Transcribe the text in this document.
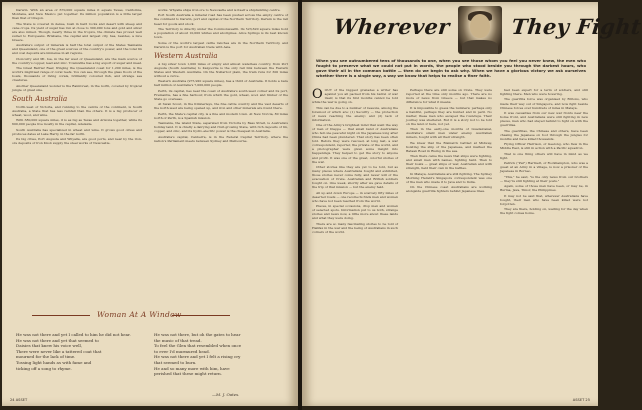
Darwin. With an area of 670,000 square miles it equals Texas, California, Montana, and New Mexico put together. Its million population is a little larger than that of Oregon.

The State is covered in dense, bush in hard rocks and desert with sheep and cane crops. Its yield of sugar has run at close to 300,000 tons and gold and silver are also mined. Though, nearly three in the tropics, the climate has proved well suited to Europeans. Brisbane, the capital and largest city, has, besides, a nice breeze.

Australia's output of minerals is half the total output of the States Tasmania and Queensland, one of the great sources of the country's power, and the total tin and coal deposits are immense in all regions.

Cloncurry and Mt. Isa, in the far west of Queensland, are the main source of the country's copper, lead and zinc. Townsville has a big export of sugar and meat.

The Great Barrier Reef, fringing the Queensland coast for 1,200 miles, is the world's mightiest range of coral reefs. You can see, through the glass floors of the boats, thousands of living corals, brilliantly coloured fish, and strange sea creatures.

Another Queensland wonder is the Rainforest, in the north, covered by tropical jungle of great size.

South Australia

North-west of Victoria, and running to the centre of the continent, is South Australia, a State that has less rainfall than the others. It is a big producer of wheat, wool, and wine.

With 380,000 square miles, it is as big as Texas and Arizona together, while its 600,000 people live mostly in the capital, Adelaide.

South Australia has specialized in wheat and wine. It grows good olives and produces dates at Lake Harry, in the far north.

Its big cities, Port Augusta and Whyalla, are good ports, and near by the iron-ore deposits of Iron Knob supply the steel works of Newcastle.

works. Whyalla ships iron ore to Newcastle and is itself a shipbuilding centre.

Port South Australia a mineral road has been pushed across the empty centre of the continent to Darwin, port and capital of the Northern Territory. Darwin is the rail head for goods and stock.

The Territory is directly under the Commonwealth. Its 523,620 square miles hold a population of about 10,000 whites and aborigines. Alice Springs is its best known town.

Some of the world's largest cattle ranches are in the Northern Territory, and Darwin is the port for Australian trade with Asia.

Western Australia

A big silver town 1,000 miles of empty and almost waterless country, from Port Augusta (South Australia) to Kalgoorlie is the only rail link between the Eastern States and Western Australia. On the Nullarbor plain, the train runs for 300 miles without a curve.

Western Australia (975,920 square miles), has a third of Australia. It holds a bare half million of Australia's 7,000,000 people.

Perth, its capital, lies near the coast of Australia's south-west corner and its port, Fremantle, has a fine harbour, from which the gold, wheat, wool and timber of the State go overseas.

At Swan Scout, in the Kimberleys, the fine cattle country and the vast deserts of the north-west are being opened up, and iron and other minerals are found there.

Perth, the State's capital city, is a fine and modern town. At New Norcia, 80 miles north of Perth, is a Spanish mission.

Tasmania, the island State, separated from Victoria by Bass Strait, is Australia's holiday land. It is chiefly a dairying and fruit-growing State, with rich deposits of tin, copper, and zinc, and its hydro-electric power is the cheapest in Australia.

Australia's capital, Canberra, is in the Federal Capital Territory, where the nation's Parliament meets between Sydney and Melbourne.

Woman At A Window
He was not there and yet I called to him he did not hear.
He was not there and yet that seemed to
Daisies that knew his voice well,
There were never like a tattered coat that
mourned for the lack of time.
Tossing light hands as with fame and
ticking off a song to rhyme.
He was not there, but oh the gates to hear
the music of that tread.
To feel the Glen that resembled when once
to ever I'd murmured head.
He was not there and yet I felt a rising cry
that seemed to burn.
He and so many more with him, have
perished that these might return.
—M. J. Oates.
24 ASSET
Wherever	They Fight
When you see outnumbered tens of thousands to one, when you see those whom you feel you never knew, the men who fought to preserve what we could not put in words, the people who stood beside you through the darkest hours, who gave their all in the common battle — then do we begin to ask why. When we have a glorious victory we ask ourselves whether there is a single way, a way we know that helps to realise a finer faith.

OOUT of the biggest grenades a writer has against you all packed from his barrel of war itself, is that its first months cannot be told while the war is going on.

This can be due to a number of reasons, among the foremost of which are: (1) Security — the protection of news reaching the enemy; and (2) lack of information.

One of the Army's brightest mind that went the way of men of Dieppe — that small band of Australians who fell one peaceful night on the Japanese long after China had been plundered. That story has been often told. Before they were rescued, at long last, a war correspondent, reporter, the private of the world, and a photographer were given some insight into happenings. They helped to get the story to anyone and profit. It was one of the great, colorful stories of the war.

Other stories like they are yet to be told, but as many places where Australians fought and exhibited, those stories never come fully, and never will of the evacuation of Crete. Australian and British soldiers fought on. One week, shortly after we gave details of the trip of that mission — but the enemy held.

All up and down Europe — in scarcely fifty miles of deserted roads — one recollects finds men and women who have not been reached from the world.

Places, in special occasions, drop men and women of selected spots. Information put to us both, strange stories and news now, a little more about these lands and what they were doing.

There are so many fascinating stories to be told of Halifax in the war and the being of Australians in such corners of the world.

Perhaps there are still some on Crete. They were reported at the time only months ago. There are no more of news from Greece — but that makes no difference for what it means.

It is impossible to guess the numbers; perhaps only a handful, perhaps they are hunted and in peril. No matter, these men who escaped the roundups. Their journey was sheltered. But it is a story not to be told on the land or here, not yet.

Then in the early-one months of Guadalcanal, Australia's silent men under enemy. Australian miners, fought with all their strength.

We knew that the Bismarck battled at Midway, hoisting the ship of the Japanese, and marked the Bataan Road in Rising in the sea.

Then there came the news that ships were fighting, and small men with names, fighting hard. Then to their boats — great ships of war, Australian and with strength, held their own in the battles.

In Malaya, Australians are still fighting. The Sydney Morning Herald's Singapore correspondent was one of the men who made it to Java and to India.

On the Chinese coast Australians are working alongside guerrilla fighters behind Japanese lines.

had been expert for a term of soldiers, and still fighting there. Men who were hovering.

The guerrilla force was organised by Britons, who made their way out of Singapore, and now fight beside Chinese forces over hundreds of miles in Malaya.

It was casualties from our new war fronts near the home front, and Australians were still fighting in new places, men who had stayed behind to fight on with the guerrillas.

The guerrillas, the Chinese and others, have been chasing the Japanese on foot through the jungles for months and have killed thousands.

Flying Officer Harrison, of Geelong, who flew in the Middle East, is still in action with a Pacific squadron.

That is one thing others will have in mind as we fight.

Patrick ("Pat") Hartnett, of Rockhampton, who was a guest at an Army in a village, is now a prisoner of the Japanese in Borneo.

"This," he said, "is the only news from our brothers — they're still fighting at their posts."

Again, some of those men have been, or may be, in Burma, Java, Timor, the Philippines.

It may not be said that, wherever Australians have fought, their men who have been killed were not forgotten.

They are there, holding on, waiting for the day when the fight comes home.

ASSET 25
